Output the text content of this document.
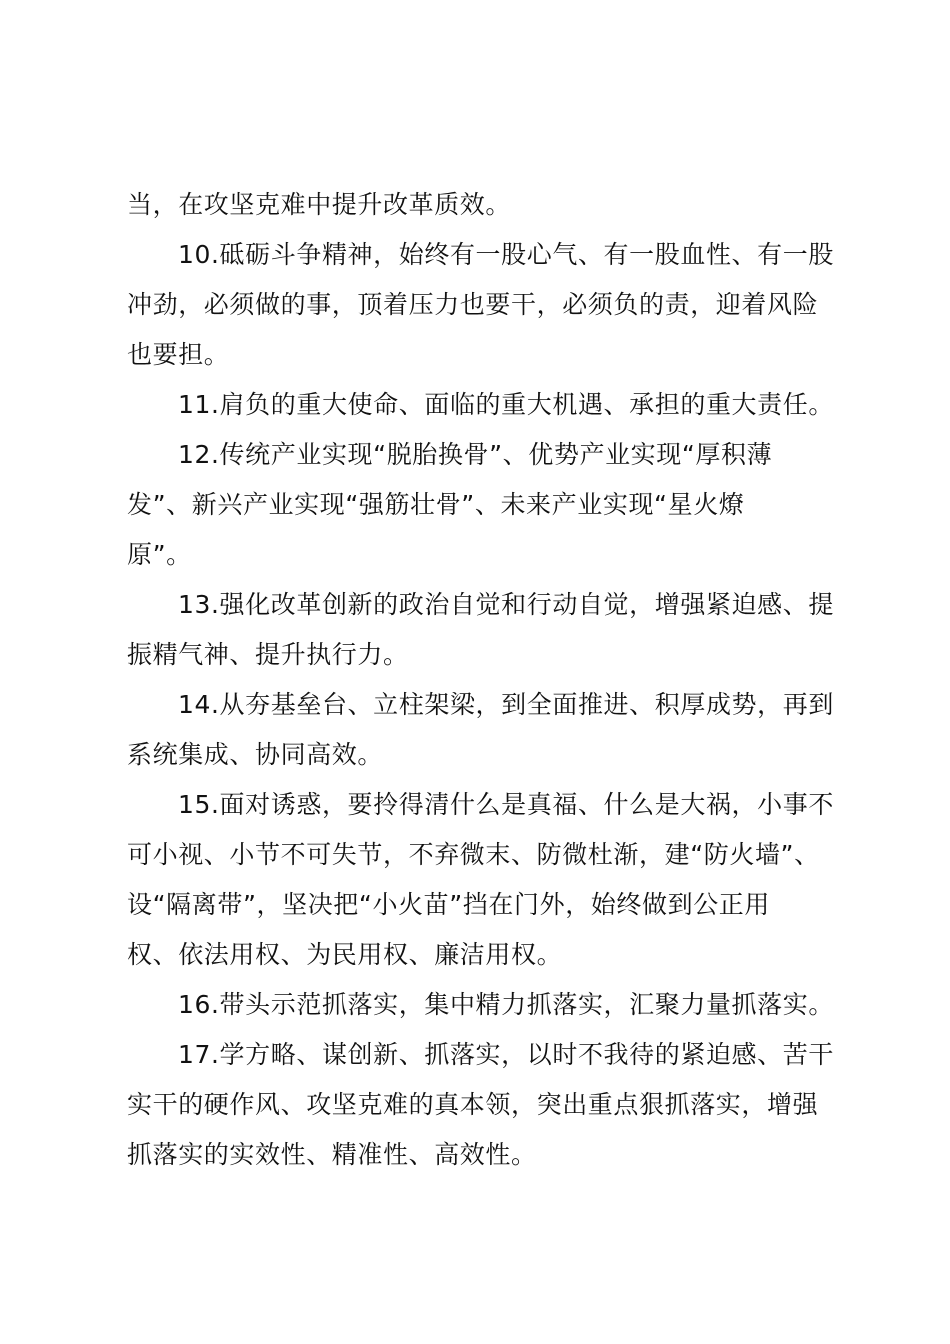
当，在攻坚克难中提升改革质效。
10.砥砺斗争精神，始终有一股心气、有一股血性、有一股
冲劲，必须做的事，顶着压力也要干，必须负的责，迎着风险
也要担。
11.肩负的重大使命、面临的重大机遇、承担的重大责任。
12.传统产业实现“脱胎换骨”、优势产业实现“厚积薄
发”、新兴产业实现“强筋壮骨”、未来产业实现“星火燎
原”。
13.强化改革创新的政治自觉和行动自觉，增强紧迫感、提
振精气神、提升执行力。
14.从夯基垒台、立柱架梁，到全面推进、积厚成势，再到
系统集成、协同高效。
15.面对诱惑，要拎得清什么是真福、什么是大祸，小事不
可小视、小节不可失节，不弃微末、防微杜渐，建“防火墙”、
设“隔离带”，坚决把“小火苗”挡在门外，始终做到公正用
权、依法用权、为民用权、廉洁用权。
16.带头示范抓落实，集中精力抓落实，汇聚力量抓落实。
17.学方略、谋创新、抓落实，以时不我待的紧迫感、苦干
实干的硬作风、攻坚克难的真本领，突出重点狠抓落实，增强
抓落实的实效性、精准性、高效性。
